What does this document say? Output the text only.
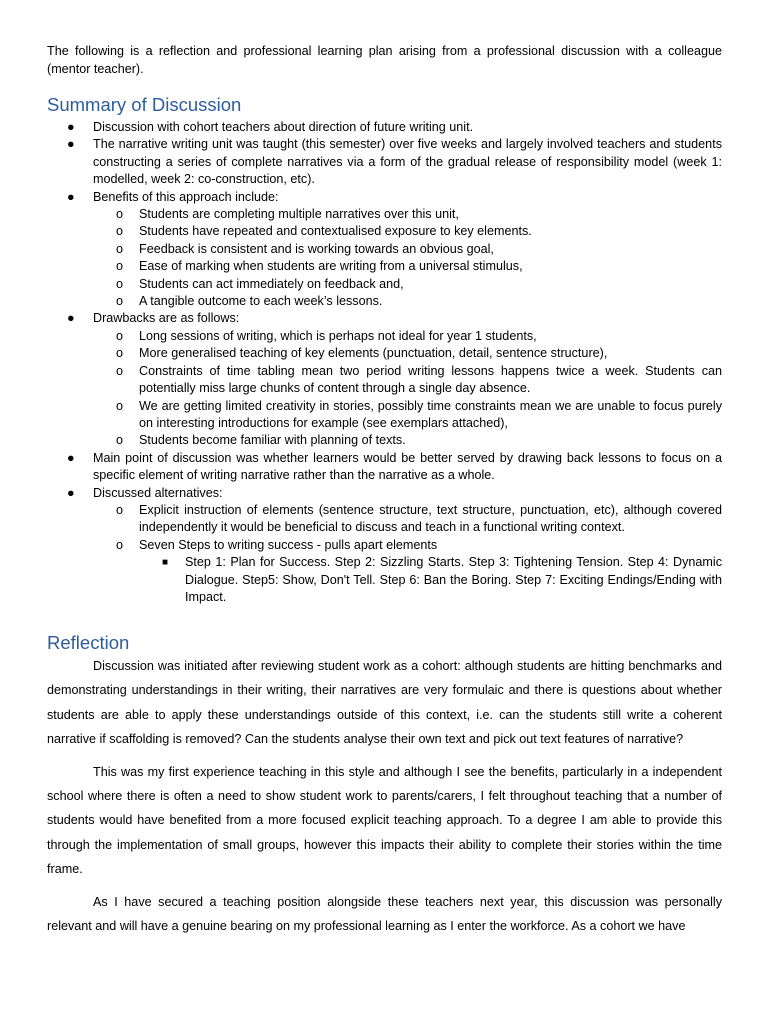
The following is a reflection and professional learning plan arising from a professional discussion with a colleague (mentor teacher).
Summary of Discussion
● Discussion with cohort teachers about direction of future writing unit.
● The narrative writing unit was taught (this semester) over five weeks and largely involved teachers and students constructing a series of complete narratives via a form of the gradual release of responsibility model (week 1: modelled, week 2: co-construction, etc).
● Benefits of this approach include:
o Students are completing multiple narratives over this unit,
o Students have repeated and contextualised exposure to key elements.
o Feedback is consistent and is working towards an obvious goal,
o Ease of marking when students are writing from a universal stimulus,
o Students can act immediately on feedback and,
o A tangible outcome to each week’s lessons.
● Drawbacks are as follows:
o Long sessions of writing, which is perhaps not ideal for year 1 students,
o More generalised teaching of key elements (punctuation, detail, sentence structure),
o Constraints of time tabling mean two period writing lessons happens twice a week. Students can potentially miss large chunks of content through a single day absence.
o We are getting limited creativity in stories, possibly time constraints mean we are unable to focus purely on interesting introductions for example (see exemplars attached),
o Students become familiar with planning of texts.
● Main point of discussion was whether learners would be better served by drawing back lessons to focus on a specific element of writing narrative rather than the narrative as a whole.
● Discussed alternatives:
o Explicit instruction of elements (sentence structure, text structure, punctuation, etc), although covered independently it would be beneficial to discuss and teach in a functional writing context.
o Seven Steps to writing success - pulls apart elements
■ Step 1: Plan for Success. Step 2: Sizzling Starts. Step 3: Tightening Tension. Step 4: Dynamic Dialogue. Step5: Show, Don't Tell. Step 6: Ban the Boring. Step 7: Exciting Endings/Ending with Impact.
Reflection

Discussion was initiated after reviewing student work as a cohort: although students are hitting benchmarks and demonstrating understandings in their writing, their narratives are very formulaic and there is questions about whether students are able to apply these understandings outside of this context, i.e. can the students still write a coherent narrative if scaffolding is removed? Can the students analyse their own text and pick out text features of narrative?

This was my first experience teaching in this style and although I see the benefits, particularly in a independent school where there is often a need to show student work to parents/carers, I felt throughout teaching that a number of students would have benefited from a more focused explicit teaching approach. To a degree I am able to provide this through the implementation of small groups, however this impacts their ability to complete their stories within the time frame.

As I have secured a teaching position alongside these teachers next year, this discussion was personally relevant and will have a genuine bearing on my professional learning as I enter the workforce. As a cohort we have
